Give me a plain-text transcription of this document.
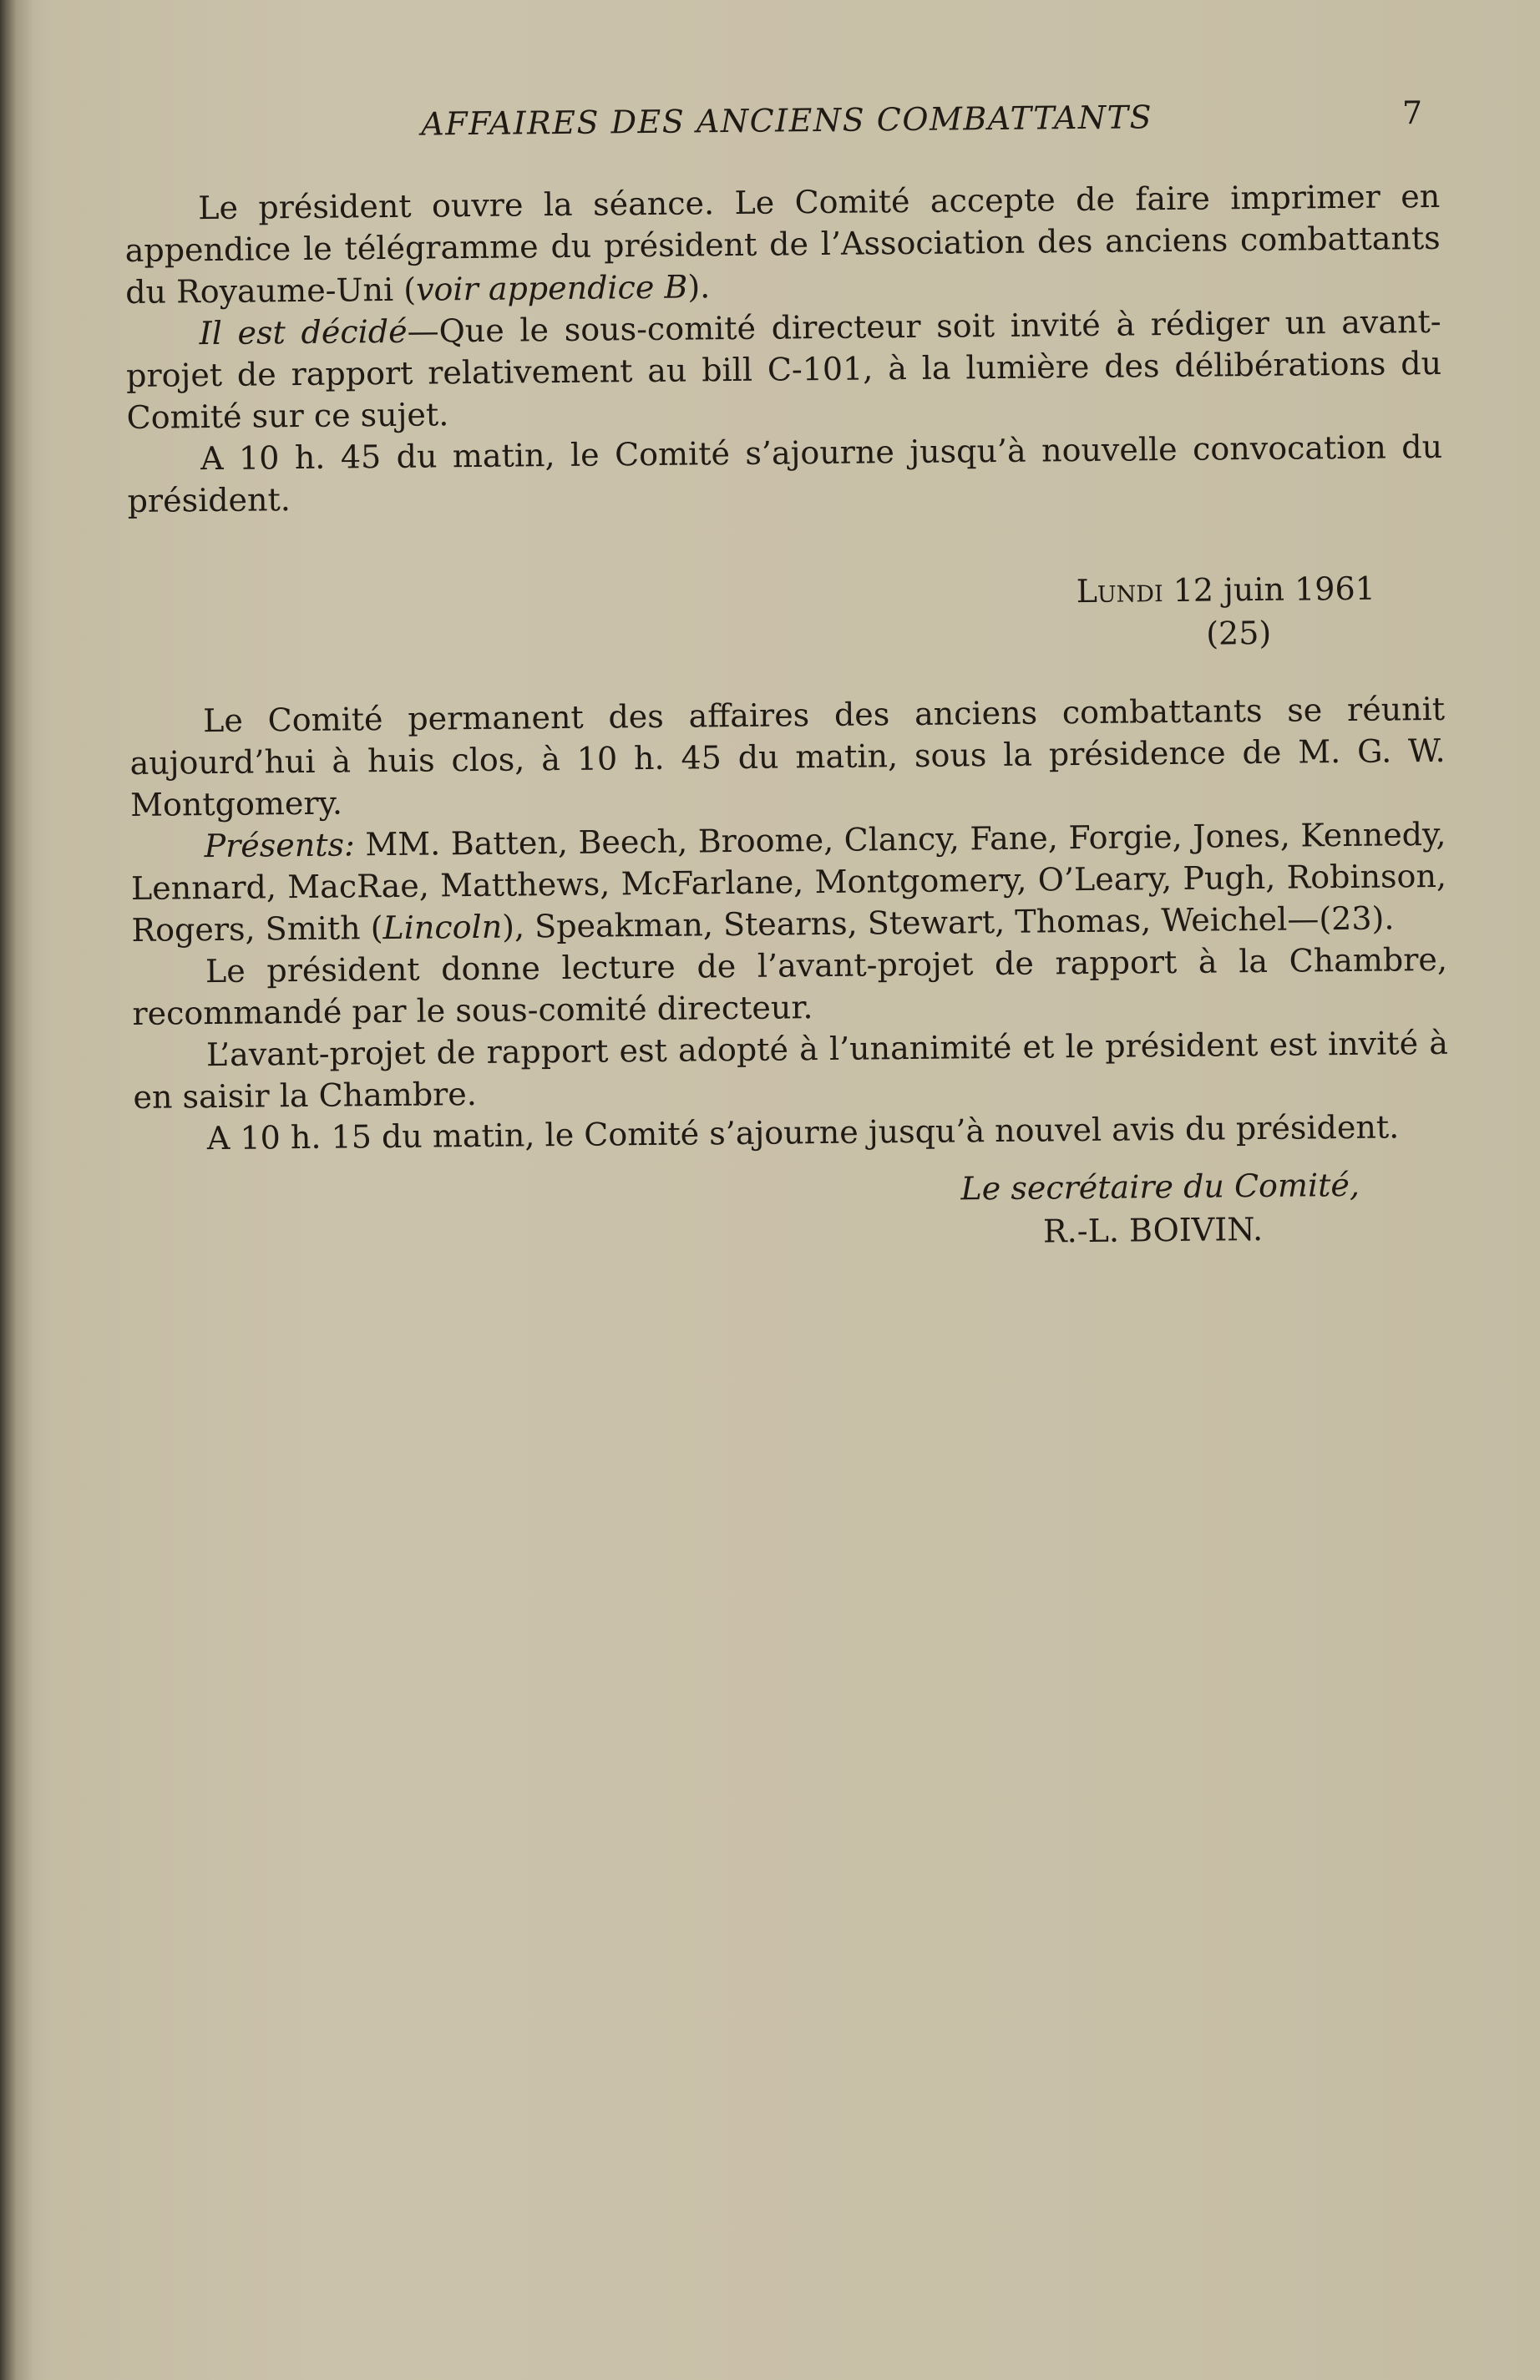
AFFAIRES DES ANCIENS COMBATTANTS	7

Le président ouvre la séance. Le Comité accepte de faire imprimer en appendice le télégramme du président de l’Association des anciens combattants du Royaume-Uni (voir appendice B).

Il est décidé—Que le sous-comité directeur soit invité à rédiger un avant-projet de rapport relativement au bill C-101, à la lumière des délibérations du Comité sur ce sujet.

A 10 h. 45 du matin, le Comité s’ajourne jusqu’à nouvelle convocation du président.

Lundi 12 juin 1961
(25)

Le Comité permanent des affaires des anciens combattants se réunit aujourd’hui à huis clos, à 10 h. 45 du matin, sous la présidence de M. G. W. Montgomery.

Présents: MM. Batten, Beech, Broome, Clancy, Fane, Forgie, Jones, Kennedy, Lennard, MacRae, Matthews, McFarlane, Montgomery, O’Leary, Pugh, Robinson, Rogers, Smith (Lincoln), Speakman, Stearns, Stewart, Thomas, Weichel—(23).

Le président donne lecture de l’avant-projet de rapport à la Chambre, recommandé par le sous-comité directeur.

L’avant-projet de rapport est adopté à l’unanimité et le président est invité à en saisir la Chambre.

A 10 h. 15 du matin, le Comité s’ajourne jusqu’à nouvel avis du président.

Le secrétaire du Comité,
R.-L. BOIVIN.
